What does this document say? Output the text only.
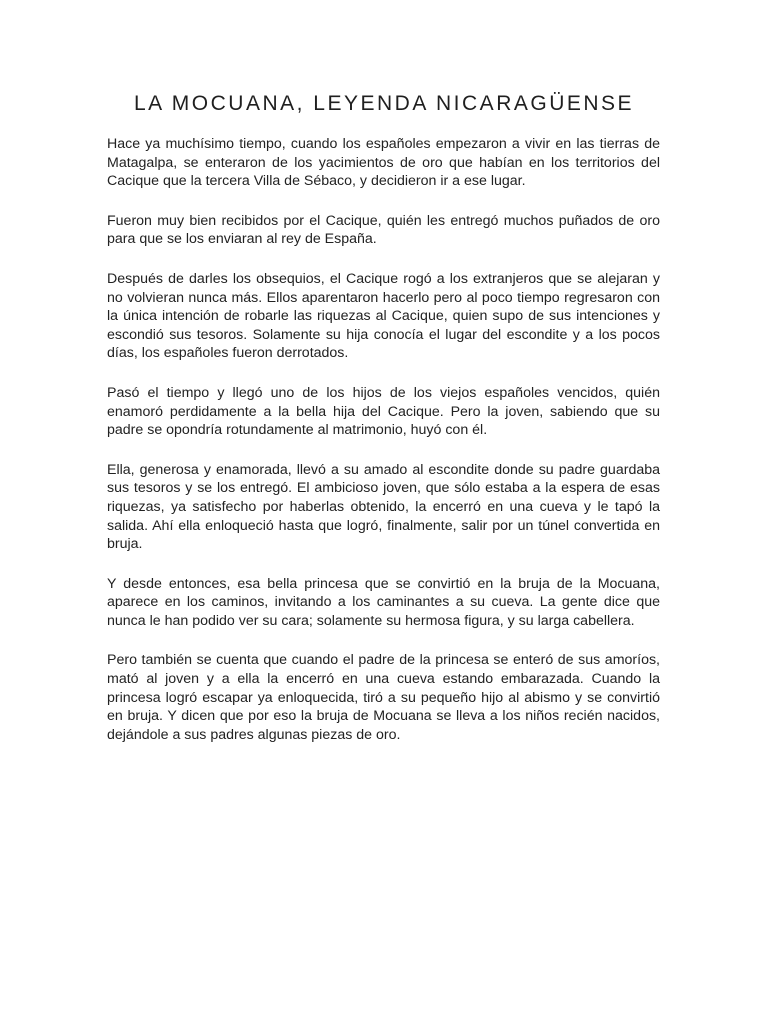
LA MOCUANA, LEYENDA NICARAGÜENSE

Hace ya muchísimo tiempo, cuando los españoles empezaron a vivir en las tierras de Matagalpa, se enteraron de los yacimientos de oro que habían en los territorios del Cacique que la tercera Villa de Sébaco, y decidieron ir a ese lugar.

Fueron muy bien recibidos por el Cacique, quién les entregó muchos puñados de oro para que se los enviaran al rey de España.

Después de darles los obsequios, el Cacique rogó a los extranjeros que se alejaran y no volvieran nunca más. Ellos aparentaron hacerlo pero al poco tiempo regresaron con la única intención de robarle las riquezas al Cacique, quien supo de sus intenciones y escondió sus tesoros. Solamente su hija conocía el lugar del escondite y a los pocos días, los españoles fueron derrotados.

Pasó el tiempo y llegó uno de los hijos de los viejos españoles vencidos, quién enamoró perdidamente a la bella hija del Cacique. Pero la joven, sabiendo que su padre se opondría rotundamente al matrimonio, huyó con él.

Ella, generosa y enamorada, llevó a su amado al escondite donde su padre guardaba sus tesoros y se los entregó. El ambicioso joven, que sólo estaba a la espera de esas riquezas, ya satisfecho por haberlas obtenido, la encerró en una cueva y le tapó la salida. Ahí ella enloqueció hasta que logró, finalmente, salir por un túnel convertida en bruja.

Y desde entonces, esa bella princesa que se convirtió en la bruja de la Mocuana, aparece en los caminos, invitando a los caminantes a su cueva. La gente dice que nunca le han podido ver su cara; solamente su hermosa figura, y su larga cabellera.

Pero también se cuenta que cuando el padre de la princesa se enteró de sus amoríos, mató al joven y a ella la encerró en una cueva estando embarazada. Cuando la princesa logró escapar ya enloquecida, tiró a su pequeño hijo al abismo y se convirtió en bruja. Y dicen que por eso la bruja de Mocuana se lleva a los niños recién nacidos, dejándole a sus padres algunas piezas de oro.
